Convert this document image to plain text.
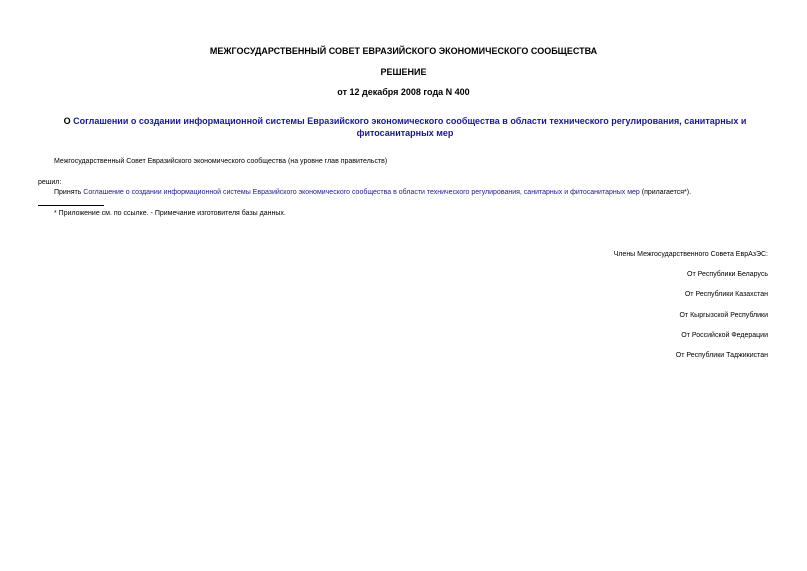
МЕЖГОСУДАРСТВЕННЫЙ СОВЕТ ЕВРАЗИЙСКОГО ЭКОНОМИЧЕСКОГО СООБЩЕСТВА
РЕШЕНИЕ
от 12 декабря 2008 года N 400
О Соглашении о создании информационной системы Евразийского экономического сообщества в области технического регулирования, санитарных и
фитосанитарных мер
Межгосударственный Совет Евразийского экономического сообщества (на уровне глав правительств)
решил:
Принять Соглашение о создании информационной системы Евразийского экономического сообщества в области технического регулирования, санитарных и фитосанитарных мер (прилагается*).
* Приложение см. по ссылке. - Примечание изготовителя базы данных.
Члены Межгосударственного Совета ЕврАзЭС:
От Республики Беларусь
От Республики Казахстан
От Кыргызской Республики
От Российской Федерации
От Республики Таджикистан
